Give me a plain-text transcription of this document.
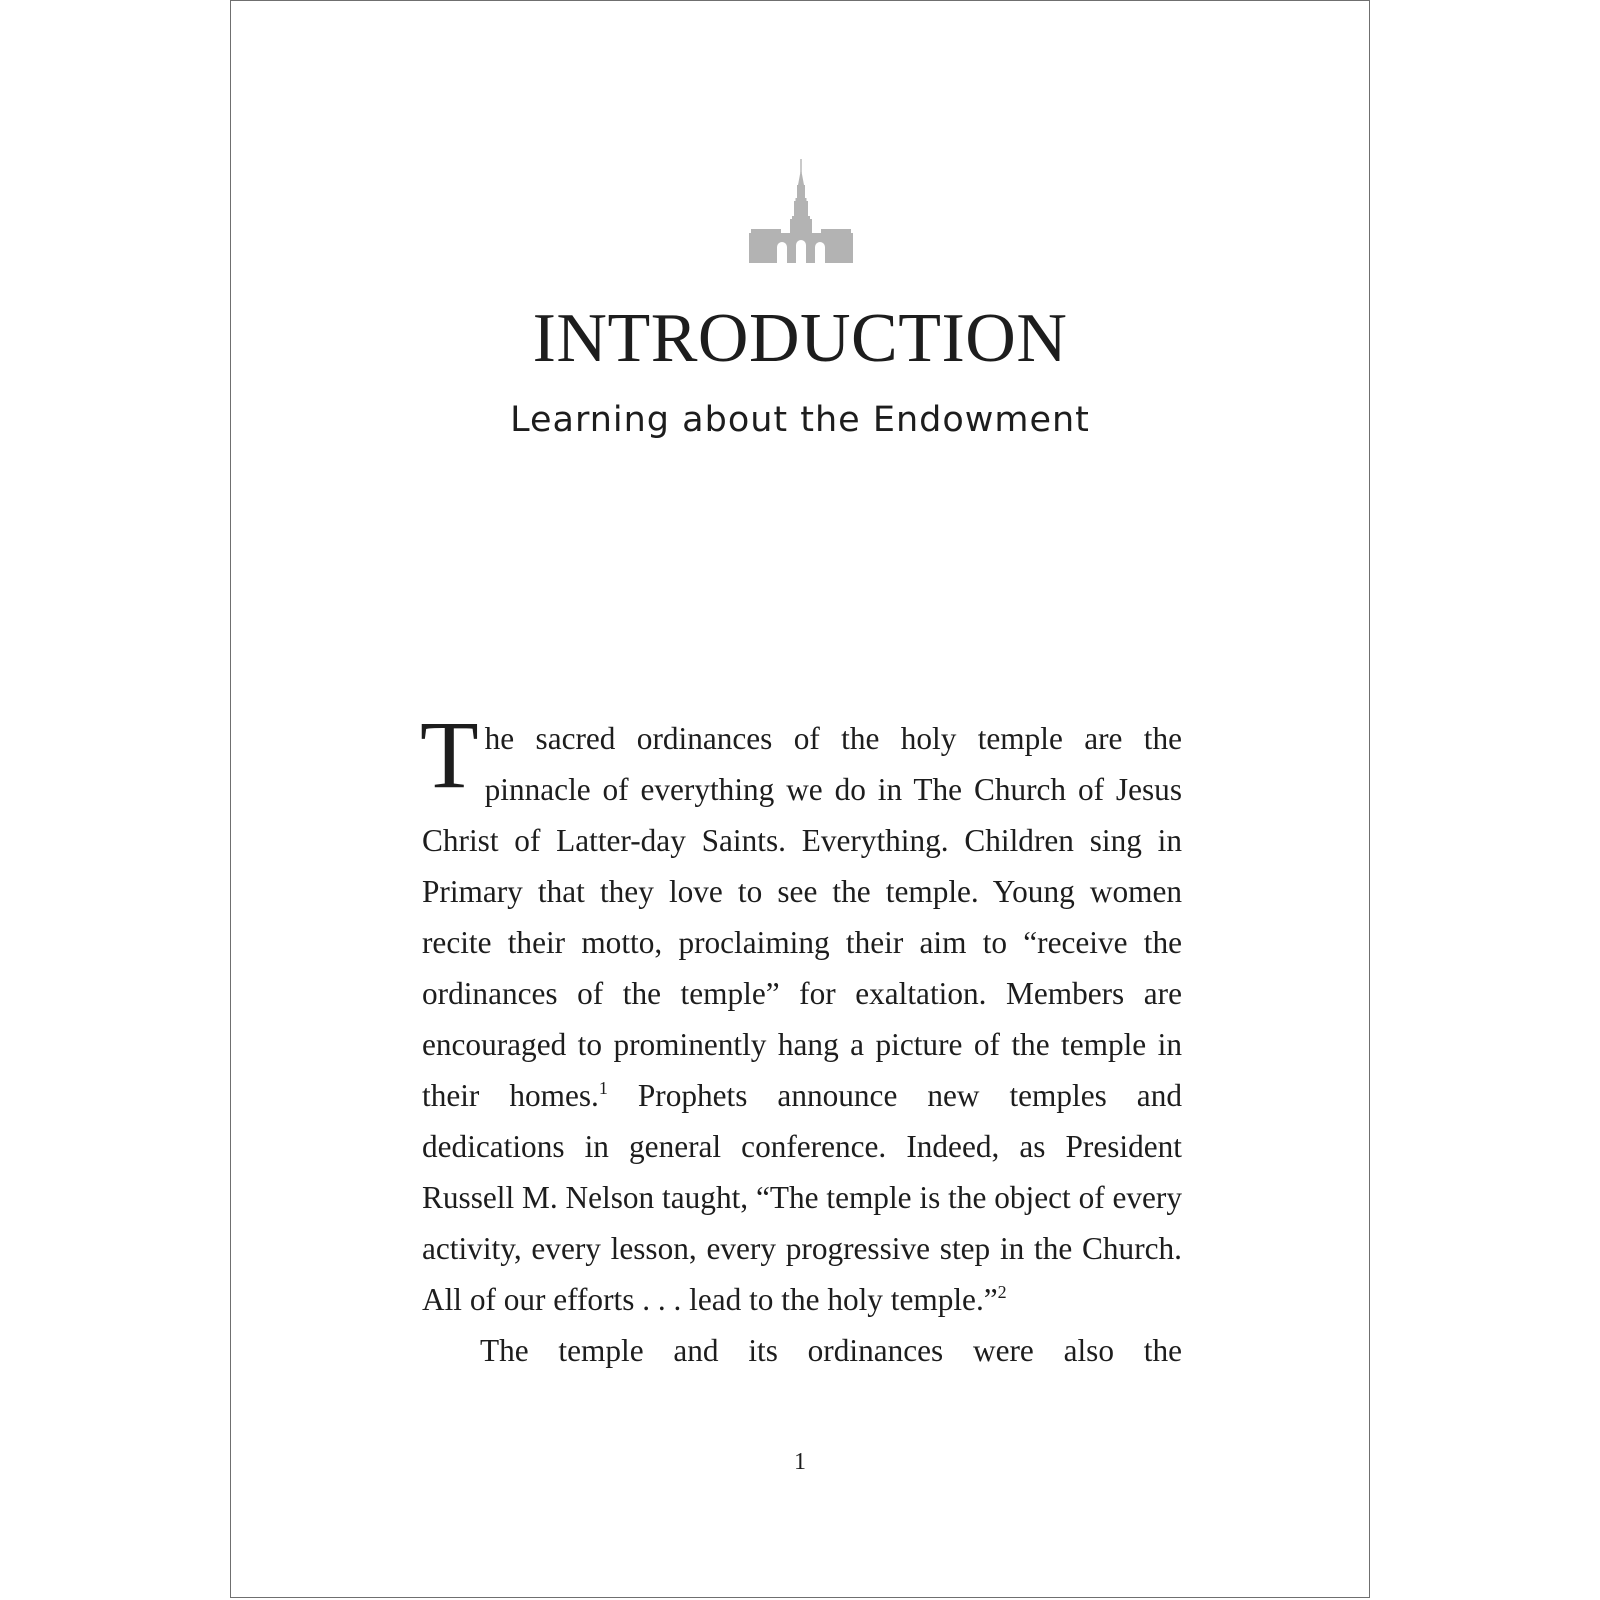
INTRODUCTION
Learning about the Endowment

The sacred ordinances of the holy temple are the pinnacle of everything we do in The Church of Jesus Christ of Latter-day Saints. Everything. Children sing in Primary that they love to see the temple. Young women recite their motto, proclaiming their aim to “receive the ordinances of the temple” for exaltation. Members are encouraged to prominently hang a picture of the temple in their homes.$^1$ Prophets announce new temples and dedications in general conference. Indeed, as President Russell M. Nelson taught, “The temple is the object of every activity, every lesson, every progressive step in the Church. All of our efforts . . . lead to the holy temple.”$^2$

The temple and its ordinances were also the

1
